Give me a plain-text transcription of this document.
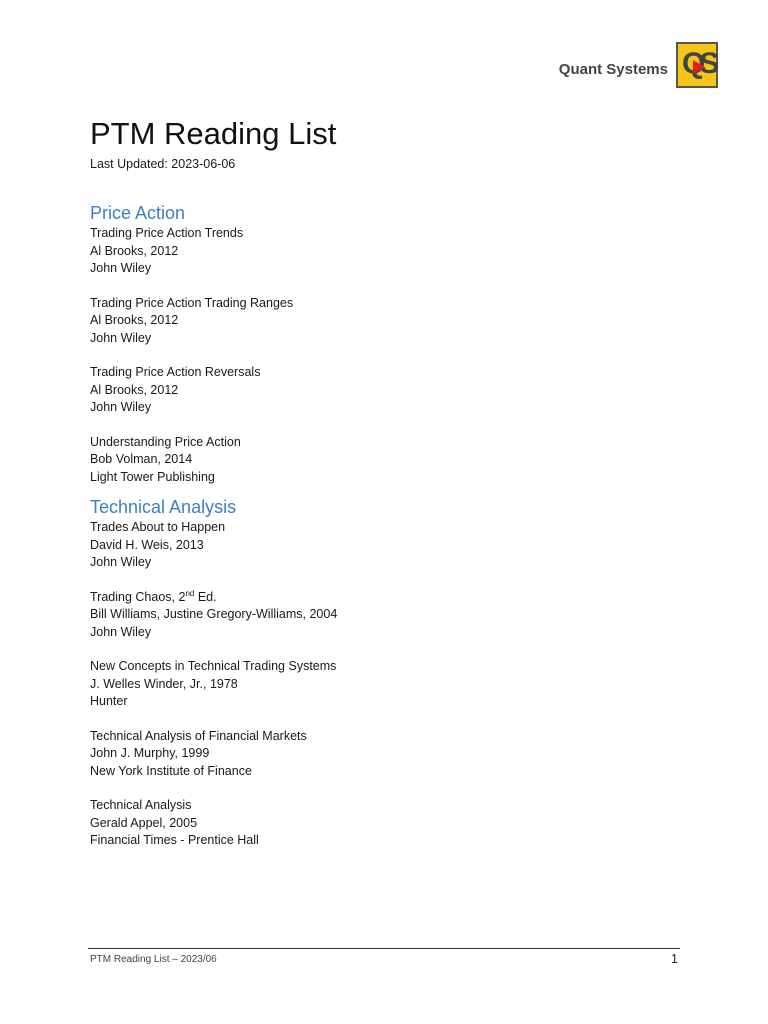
Quant Systems QS
PTM Reading List

Last Updated: 2023-06-06

Price Action

Trading Price Action Trends

Al Brooks, 2012

John Wiley

Trading Price Action Trading Ranges

Al Brooks, 2012

John Wiley

Trading Price Action Reversals

Al Brooks, 2012

John Wiley

Understanding Price Action

Bob Volman, 2014

Light Tower Publishing

Technical Analysis

Trades About to Happen

David H. Weis, 2013

John Wiley

Trading Chaos, 2nd Ed.

Bill Williams, Justine Gregory-Williams, 2004

John Wiley

New Concepts in Technical Trading Systems

J. Welles Winder, Jr., 1978

Hunter

Technical Analysis of Financial Markets

John J. Murphy, 1999

New York Institute of Finance

Technical Analysis

Gerald Appel, 2005

Financial Times - Prentice Hall

PTM Reading List – 2023/06	1
